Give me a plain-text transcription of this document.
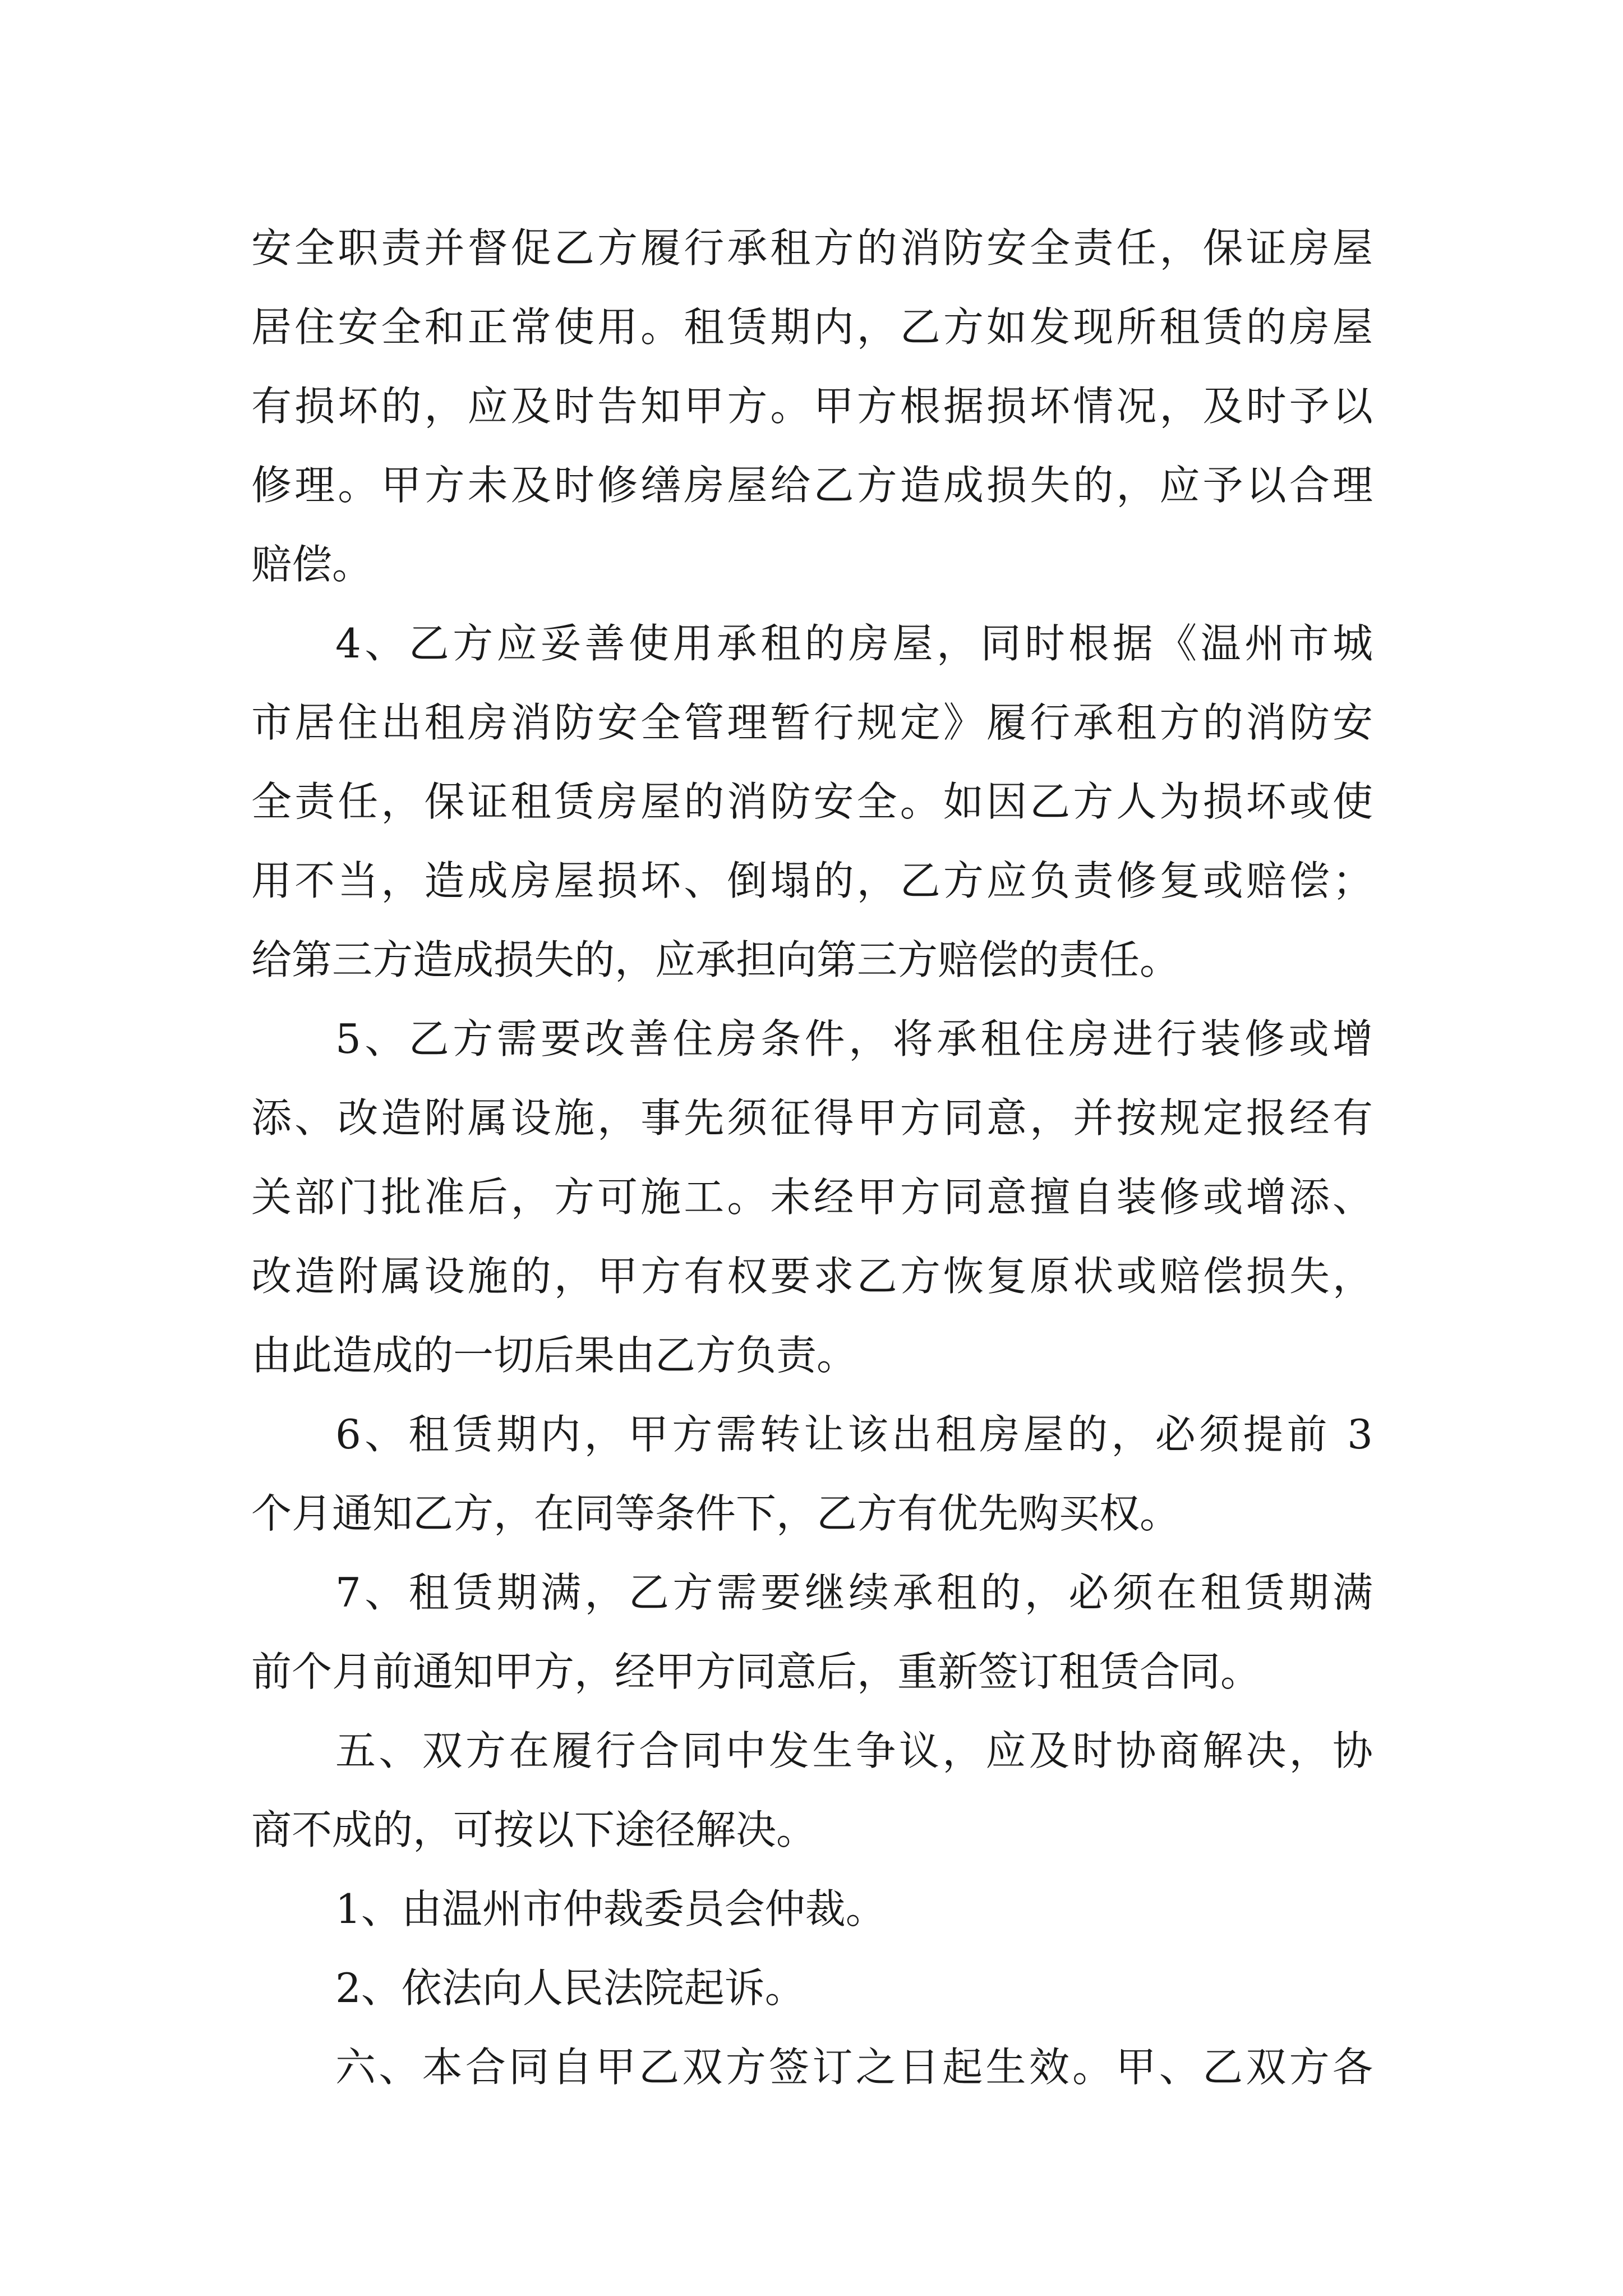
安全职责并督促乙方履行承租方的消防安全责任，保证房屋
居住安全和正常使用。租赁期内，乙方如发现所租赁的房屋
有损坏的，应及时告知甲方。甲方根据损坏情况，及时予以
修理。甲方未及时修缮房屋给乙方造成损失的，应予以合理
赔偿。
4、乙方应妥善使用承租的房屋，同时根据《温州市城
市居住出租房消防安全管理暂行规定》履行承租方的消防安
全责任，保证租赁房屋的消防安全。如因乙方人为损坏或使
用不当，造成房屋损坏、倒塌的，乙方应负责修复或赔偿；
给第三方造成损失的，应承担向第三方赔偿的责任。
5、乙方需要改善住房条件，将承租住房进行装修或增
添、改造附属设施，事先须征得甲方同意，并按规定报经有
关部门批准后，方可施工。未经甲方同意擅自装修或增添、
改造附属设施的，甲方有权要求乙方恢复原状或赔偿损失，
由此造成的一切后果由乙方负责。
6、租赁期内，甲方需转让该出租房屋的，必须提前 3
个月通知乙方，在同等条件下，乙方有优先购买权。
7、租赁期满，乙方需要继续承租的，必须在租赁期满
前个月前通知甲方，经甲方同意后，重新签订租赁合同。
五、双方在履行合同中发生争议，应及时协商解决，协
商不成的，可按以下途径解决。
1、由温州市仲裁委员会仲裁。
2、依法向人民法院起诉。
六、本合同自甲乙双方签订之日起生效。甲、乙双方各
